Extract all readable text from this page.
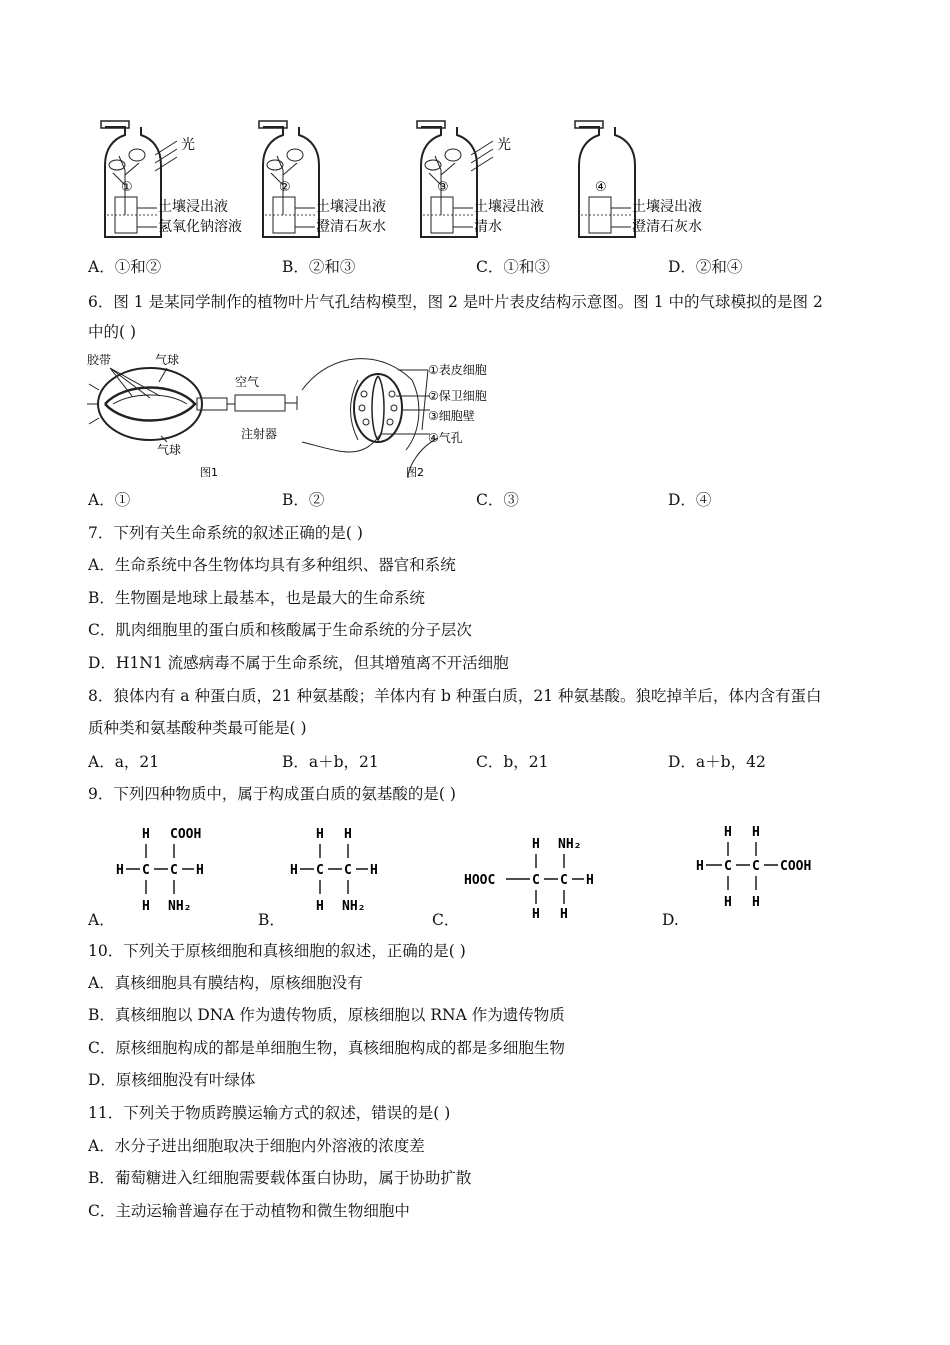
①
光
土壤浸出液
氢氧化钠溶液
②
土壤浸出液
澄清石灰水
③
光
土壤浸出液
清水
④
土壤浸出液
澄清石灰水
A．①和②	B．②和③	C．①和③	D．②和④
6．图 1 是某同学制作的植物叶片气孔结构模型，图 2 是叶片表皮结构示意图。图 1 中的气球模拟的是图 2
中的( )
胶带	气球
空气
注射器
气球
图1
①表皮细胞
②保卫细胞
③细胞壁
④气孔
图2
A．①	B．②	C．③	D．④
7．下列有关生命系统的叙述正确的是( )
A．生命系统中各生物体均具有多种组织、器官和系统
B．生物圈是地球上最基本，也是最大的生命系统
C．肌肉细胞里的蛋白质和核酸属于生命系统的分子层次
D．H1N1 流感病毒不属于生命系统，但其增殖离不开活细胞
8．狼体内有 a 种蛋白质，21 种氨基酸；羊体内有 b 种蛋白质，21 种氨基酸。狼吃掉羊后，体内含有蛋白
质种类和氨基酸种类最可能是( )
A．a，21	B．a＋b，21	C．b，21	D．a＋b，42
9．下列四种物质中，属于构成蛋白质的氨基酸的是( )
H COOH
H C C H
H NH₂
A．
H H
H C C H
H NH₂
B．
H NH₂
HOOC	C C H
H H
C．
H H
H C C COOH
H H
D.
10．下列关于原核细胞和真核细胞的叙述，正确的是( )
A．真核细胞具有膜结构，原核细胞没有
B．真核细胞以 DNA 作为遗传物质，原核细胞以 RNA 作为遗传物质
C．原核细胞构成的都是单细胞生物，真核细胞构成的都是多细胞生物
D．原核细胞没有叶绿体
11．下列关于物质跨膜运输方式的叙述，错误的是( )
A．水分子进出细胞取决于细胞内外溶液的浓度差
B．葡萄糖进入红细胞需要载体蛋白协助，属于协助扩散
C．主动运输普遍存在于动植物和微生物细胞中
